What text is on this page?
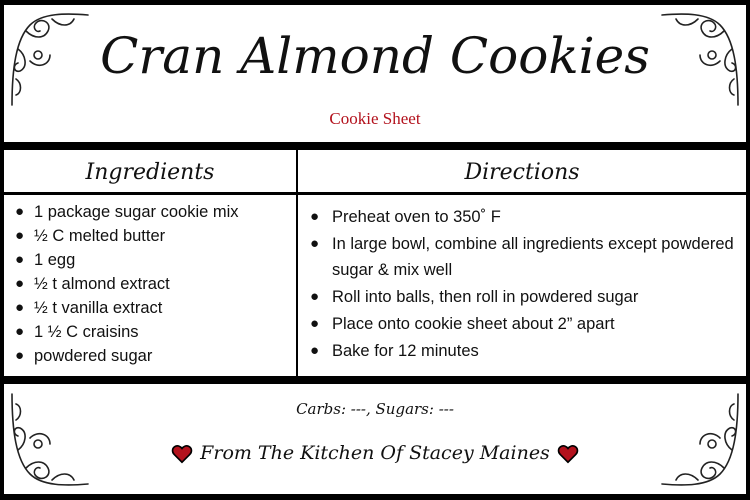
Cran Almond Cookies
Cookie Sheet
Ingredients
● 1 package sugar cookie mix
● ½ C melted butter
● 1 egg
● ½ t almond extract
● ½ t vanilla extract
● 1 ½ C craisins
● powdered sugar
Directions
● Preheat oven to 350˚ F
● In large bowl, combine all ingredients except powdered sugar & mix well
● Roll into balls, then roll in powdered sugar
● Place onto cookie sheet about 2” apart
● Bake for 12 minutes
Carbs: ---, Sugars: ---
From The Kitchen Of Stacey Maines
